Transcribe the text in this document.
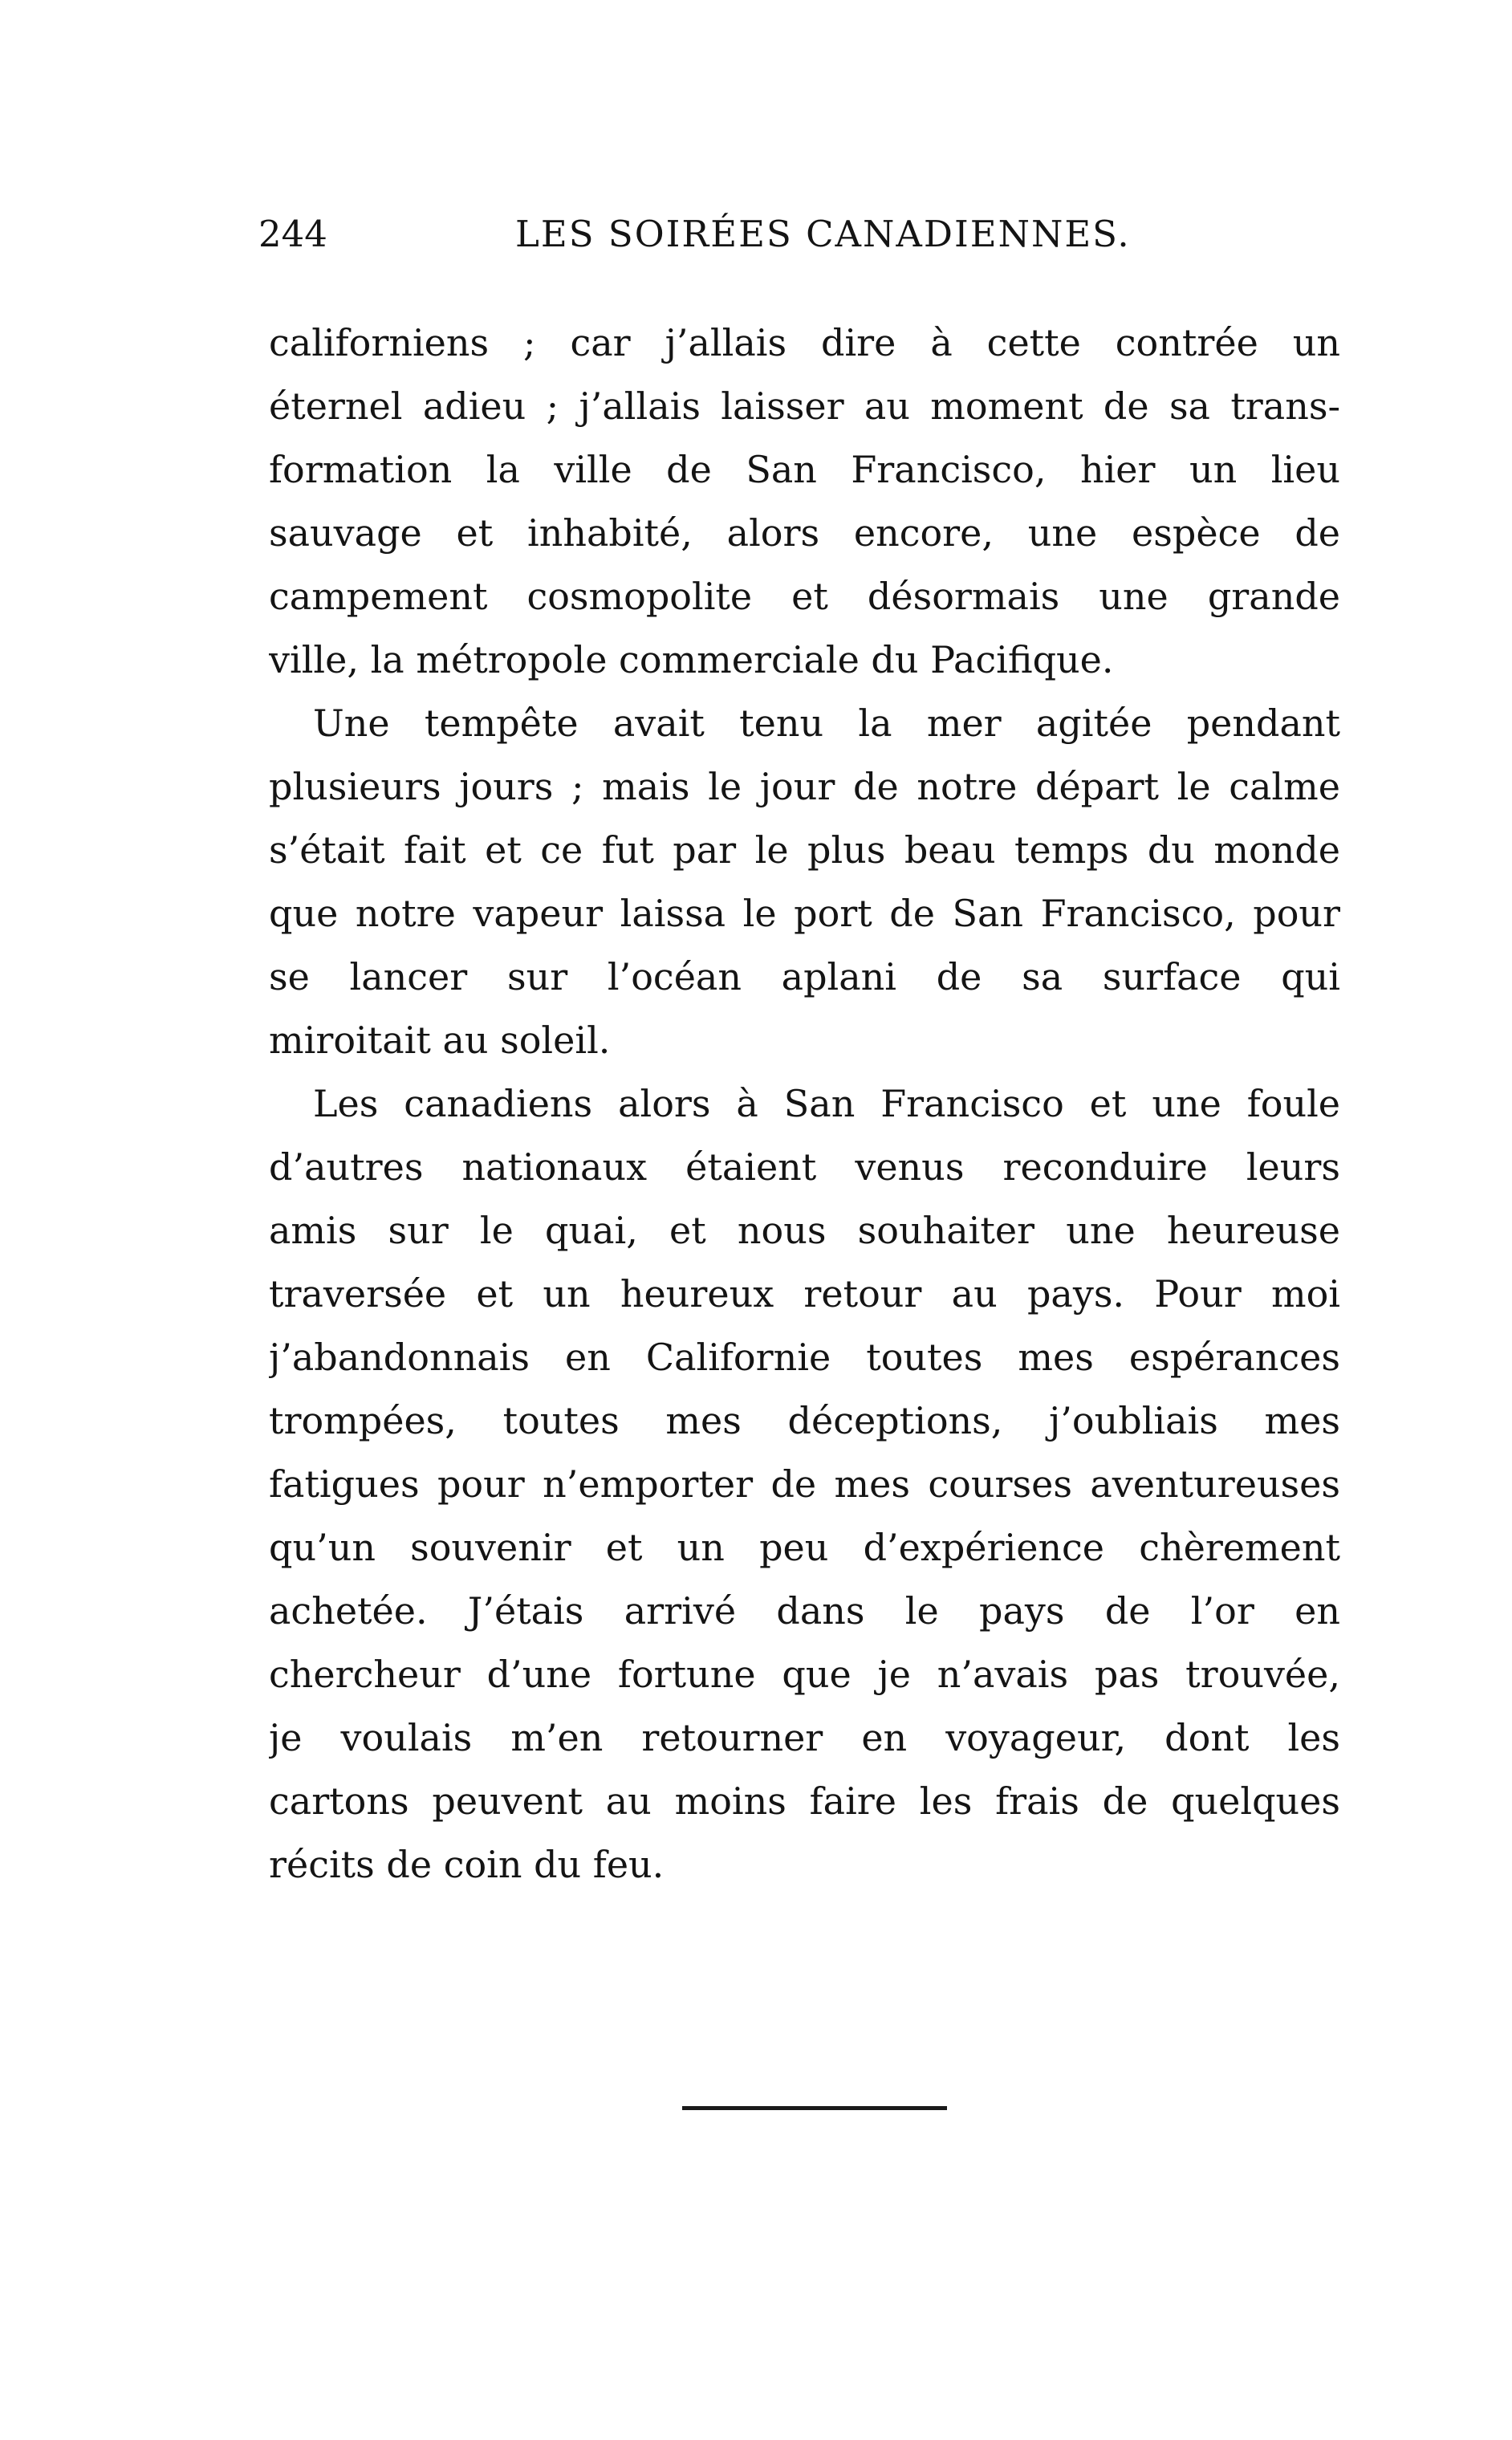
244	LES SOIRÉES CANADIENNES.
californiens ; car j’allais dire à cette contrée un
éternel adieu ; j’allais laisser au moment de sa trans-
formation la ville de San Francisco, hier un lieu
sauvage et inhabité, alors encore, une espèce de
campement cosmopolite et désormais une grande
ville, la métropole commerciale du Pacifique.
Une tempête avait tenu la mer agitée pendant
plusieurs jours ; mais le jour de notre départ le calme
s’était fait et ce fut par le plus beau temps du monde
que notre vapeur laissa le port de San Francisco, pour
se lancer sur l’océan aplani de sa surface qui
miroitait au soleil.
Les canadiens alors à San Francisco et une foule
d’autres nationaux étaient venus reconduire leurs
amis sur le quai, et nous souhaiter une heureuse
traversée et un heureux retour au pays. Pour moi
j’abandonnais en Californie toutes mes espérances
trompées, toutes mes déceptions, j’oubliais mes
fatigues pour n’emporter de mes courses aventureuses
qu’un souvenir et un peu d’expérience chèrement
achetée. J’étais arrivé dans le pays de l’or en
chercheur d’une fortune que je n’avais pas trouvée,
je voulais m’en retourner en voyageur, dont les
cartons peuvent au moins faire les frais de quelques
récits de coin du feu.
